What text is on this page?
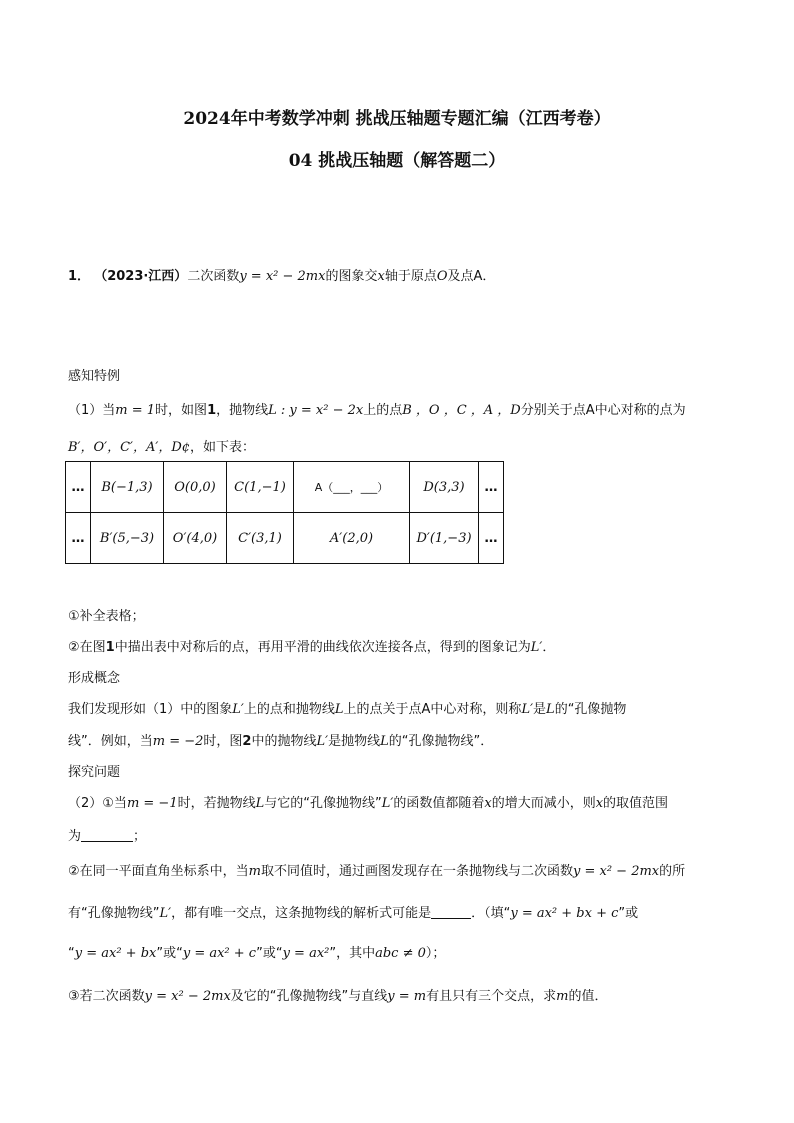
2024年中考数学冲刺 挑战压轴题专题汇编（江西考卷）
04 挑战压轴题（解答题二）
1． （2023·江西）二次函数y = x² − 2mx的图象交x轴于原点O及点A．
感知特例
（1）当m = 1时，如图1，抛物线L : y = x² − 2x上的点B ，O ，C ，A ，D分别关于点A中心对称的点为
B′，O′，C′，A′，D¢，如下表：
…	B(−1,3)	O(0,0)	C(1,−1)	A（___，___）	D(3,3)	…
…	B′(5,−3)	O′(4,0)	C′(3,1)	A′(2,0)	D′(1,−3)	…
①补全表格；
②在图1中描出表中对称后的点，再用平滑的曲线依次连接各点，得到的图象记为L′．
形成概念
我们发现形如（1）中的图象L′上的点和抛物线L上的点关于点A中心对称，则称L′是L的“孔像抛物
线”．例如，当m = −2时，图2中的抛物线L′是抛物线L的“孔像抛物线”．
探究问题
（2）①当m = −1时，若抛物线L与它的“孔像抛物线”L′的函数值都随着x的增大而减小，则x的取值范围
为	；
②在同一平面直角坐标系中，当m取不同值时，通过画图发现存在一条抛物线与二次函数y = x² − 2mx的所
有“孔像抛物线”L′，都有唯一交点，这条抛物线的解析式可能是	．（填“y = ax² + bx + c”或
“y = ax² + bx”或“y = ax² + c”或“y = ax²”，其中abc ≠ 0）；
③若二次函数y = x² − 2mx及它的“孔像抛物线”与直线y = m有且只有三个交点，求m的值．
